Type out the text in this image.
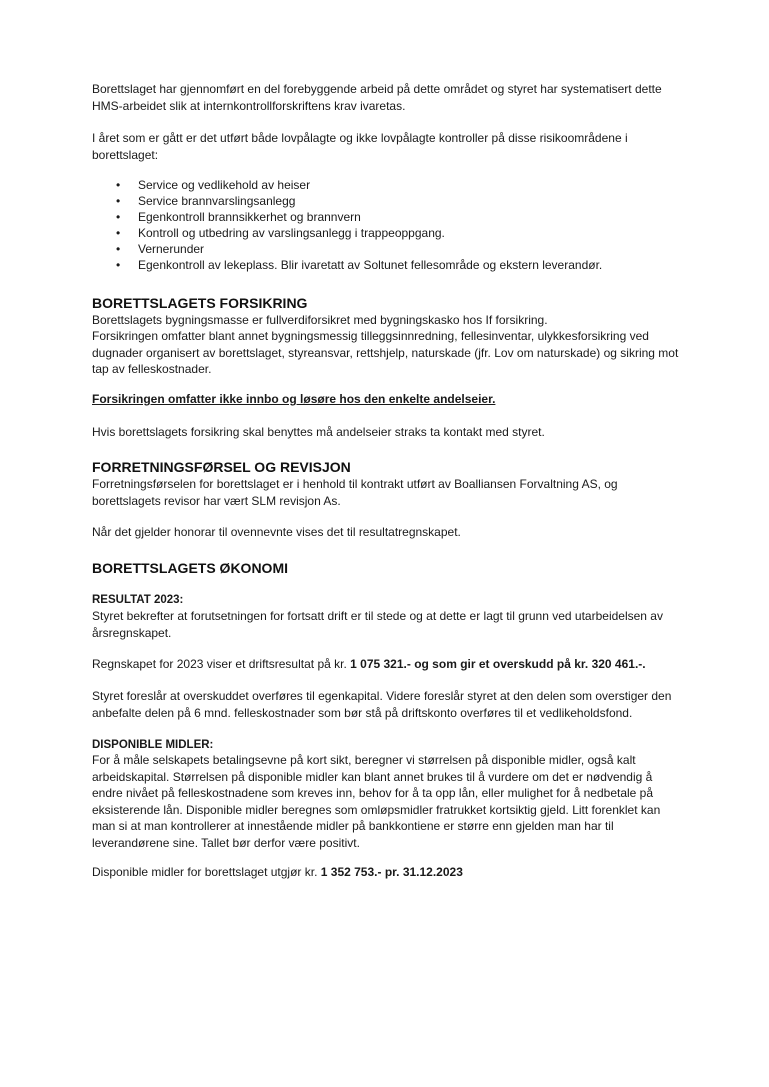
Borettslaget har gjennomført en del forebyggende arbeid på dette området og styret har systematisert dette HMS-arbeidet slik at internkontrollforskriftens krav ivaretas.

I året som er gått er det utført både lovpålagte og ikke lovpålagte kontroller på disse risikoområdene i borettslaget:

• Service og vedlikehold av heiser
• Service brannvarslingsanlegg
• Egenkontroll brannsikkerhet og brannvern
• Kontroll og utbedring av varslingsanlegg i trappeoppgang.
• Vernerunder
• Egenkontroll av lekeplass. Blir ivaretatt av Soltunet fellesområde og ekstern leverandør.
BORETTSLAGETS FORSIKRING

Borettslagets bygningsmasse er fullverdiforsikret med bygningskasko hos If forsikring.

Forsikringen omfatter blant annet bygningsmessig tilleggsinnredning, fellesinventar, ulykkesforsikring ved dugnader organisert av borettslaget, styreansvar, rettshjelp, naturskade (jfr. Lov om naturskade) og sikring mot tap av felleskostnader.

Forsikringen omfatter ikke innbo og løsøre hos den enkelte andelseier.

Hvis borettslagets forsikring skal benyttes må andelseier straks ta kontakt med styret.

FORRETNINGSFØRSEL OG REVISJON

Forretningsførselen for borettslaget er i henhold til kontrakt utført av Boalliansen Forvaltning AS, og borettslagets revisor har vært SLM revisjon As.

Når det gjelder honorar til ovennevnte vises det til resultatregnskapet.

BORETTSLAGETS ØKONOMI

RESULTAT 2023:

Styret bekrefter at forutsetningen for fortsatt drift er til stede og at dette er lagt til grunn ved utarbeidelsen av årsregnskapet.

Regnskapet for 2023 viser et driftsresultat på kr. 1 075 321.- og som gir et overskudd på kr. 320 461.-.

Styret foreslår at overskuddet overføres til egenkapital. Videre foreslår styret at den delen som overstiger den anbefalte delen på 6 mnd. felleskostnader som bør stå på driftskonto overføres til et vedlikeholdsfond.

DISPONIBLE MIDLER:

For å måle selskapets betalingsevne på kort sikt, beregner vi størrelsen på disponible midler, også kalt arbeidskapital. Størrelsen på disponible midler kan blant annet brukes til å vurdere om det er nødvendig å endre nivået på felleskostnadene som kreves inn, behov for å ta opp lån, eller mulighet for å nedbetale på eksisterende lån. Disponible midler beregnes som omløpsmidler fratrukket kortsiktig gjeld. Litt forenklet kan man si at man kontrollerer at innestående midler på bankkontiene er større enn gjelden man har til leverandørene sine. Tallet bør derfor være positivt.

Disponible midler for borettslaget utgjør kr. 1 352 753.- pr. 31.12.2023
